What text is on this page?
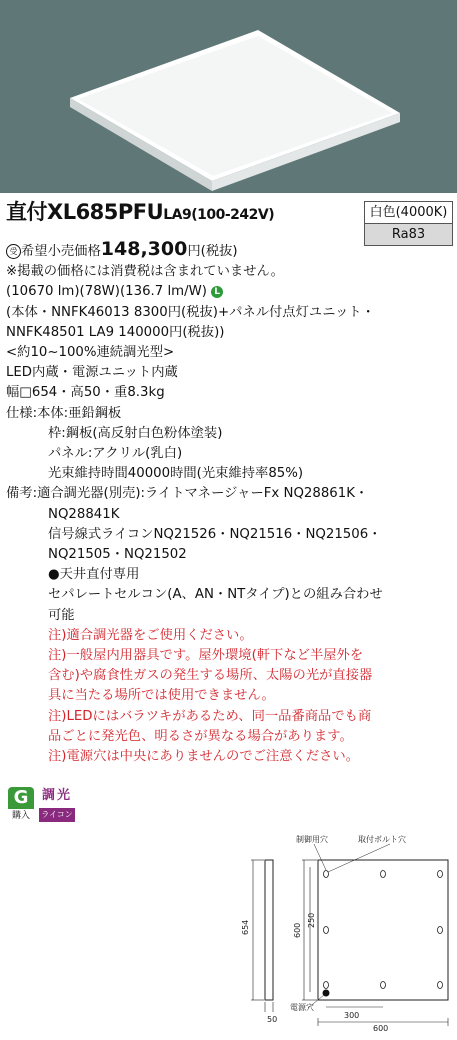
直付XL685PFULA9(100-242V)	白色(4000K)
Ra83
受 希望小売価格148,300円(税抜)
※掲載の価格には消費税は含まれていません。
(10670 lm)(78W)(136.7 lm/W) L
(本体・NNFK46013 8300円(税抜)+パネル付点灯ユニット・
NNFK48501 LA9 140000円(税抜))
<約10~100%連続調光型>
LED内蔵・電源ユニット内蔵
幅□654・高50・重8.3kg
仕様:本体:亜鉛鋼板
枠:鋼板(高反射白色粉体塗装)
パネル:アクリル(乳白)
光束維持時間40000時間(光束維持率85%)
備考:適合調光器(別売):ライトマネージャーFx NQ28861K・
NQ28841K
信号線式ライコンNQ21526・NQ21516・NQ21506・
NQ21505・NQ21502
●天井直付専用
セパレートセルコン(A、AN・NTタイプ)との組み合わせ
可能
注)適合調光器をご使用ください。
注)一般屋内用器具です。屋外環境(軒下など半屋外を
含む)や腐食性ガスの発生する場所、太陽の光が直接器
具に当たる場所では使用できません。
注)LEDにはバラツキがあるため、同一品番商品でも商
品ごとに発光色、明るさが異なる場合があります。
注)電源穴は中央にありませんのでご注意ください。
G
購入
調光
ライコン別売
654
50
600
250
制御用穴	取付ボルト穴
電源穴
300
600
